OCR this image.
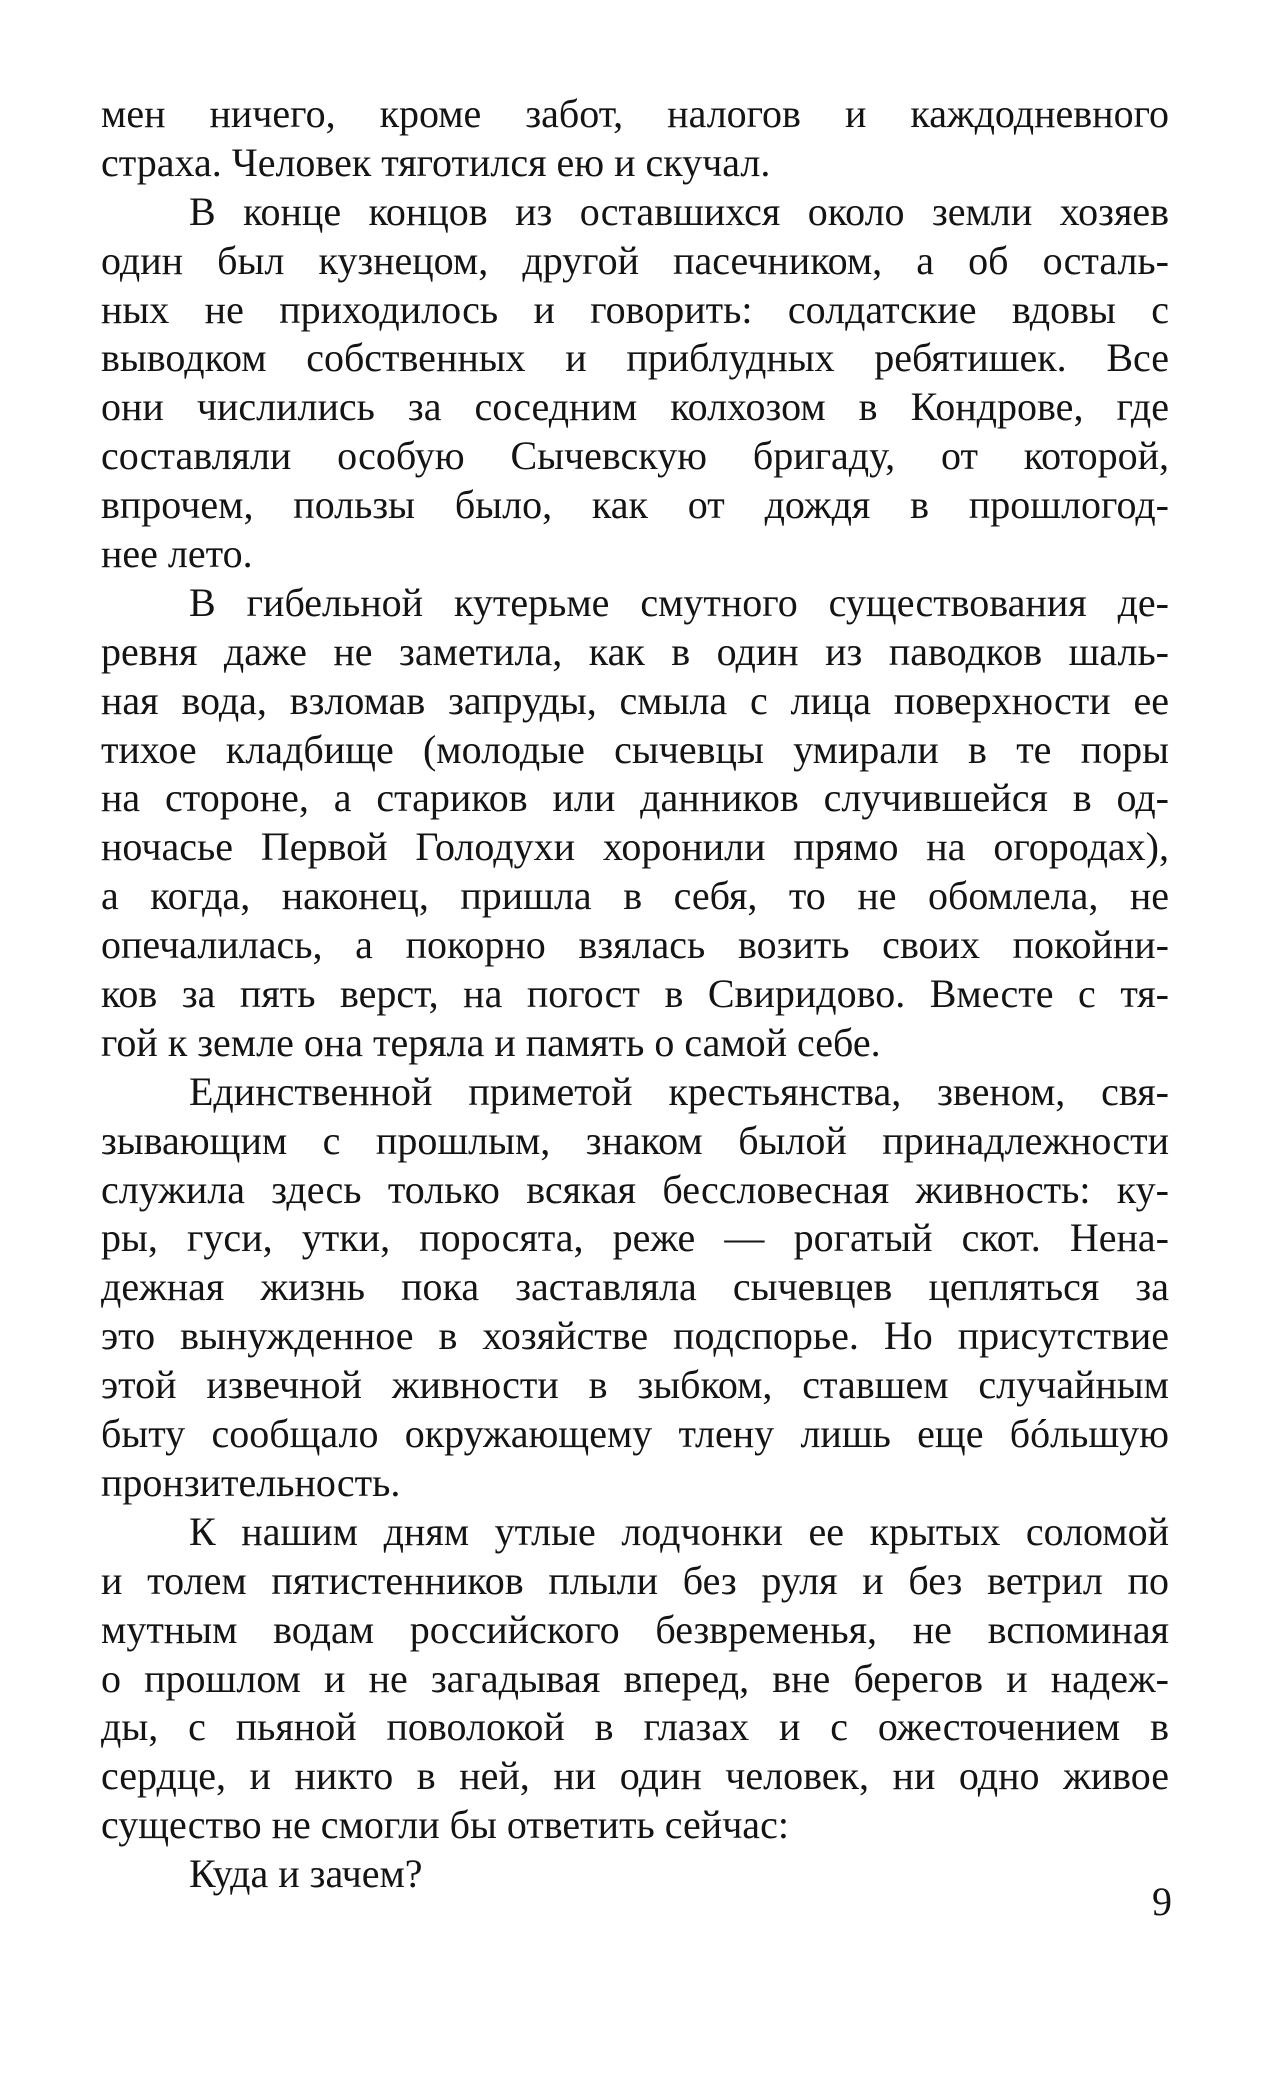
мен ничего, кроме забот, налогов и каждодневного
страха. Человек тяготился ею и скучал.
В конце концов из оставшихся около земли хозяев
один был кузнецом, другой пасечником, а об осталь-
ных не приходилось и говорить: солдатские вдовы с
выводком собственных и приблудных ребятишек. Все
они числились за соседним колхозом в Кондрове, где
составляли особую Сычевскую бригаду, от которой,
впрочем, пользы было, как от дождя в прошлогод-
нее лето.
В гибельной кутерьме смутного существования де-
ревня даже не заметила, как в один из паводков шаль-
ная вода, взломав запруды, смыла с лица поверхности ее
тихое кладбище (молодые сычевцы умирали в те поры
на стороне, а стариков или данников случившейся в од-
ночасье Первой Голодухи хоронили прямо на огородах),
а когда, наконец, пришла в себя, то не обомлела, не
опечалилась, а покорно взялась возить своих покойни-
ков за пять верст, на погост в Свиридово. Вместе с тя-
гой к земле она теряла и память о самой себе.
Единственной приметой крестьянства, звеном, свя-
зывающим с прошлым, знаком былой принадлежности
служила здесь только всякая бессловесная живность: ку-
ры, гуси, утки, поросята, реже — рогатый скот. Нена-
дежная жизнь пока заставляла сычевцев цепляться за
это вынужденное в хозяйстве подспорье. Но присутствие
этой извечной живности в зыбком, ставшем случайным
быту сообщало окружающему тлену лишь еще бóльшую
пронзительность.
К нашим дням утлые лодчонки ее крытых соломой
и толем пятистенников плыли без руля и без ветрил по
мутным водам российского безвременья, не вспоминая
о прошлом и не загадывая вперед, вне берегов и надеж-
ды, с пьяной поволокой в глазах и с ожесточением в
сердце, и никто в ней, ни один человек, ни одно живое
существо не смогли бы ответить сейчас:
Куда и зачем?
9
